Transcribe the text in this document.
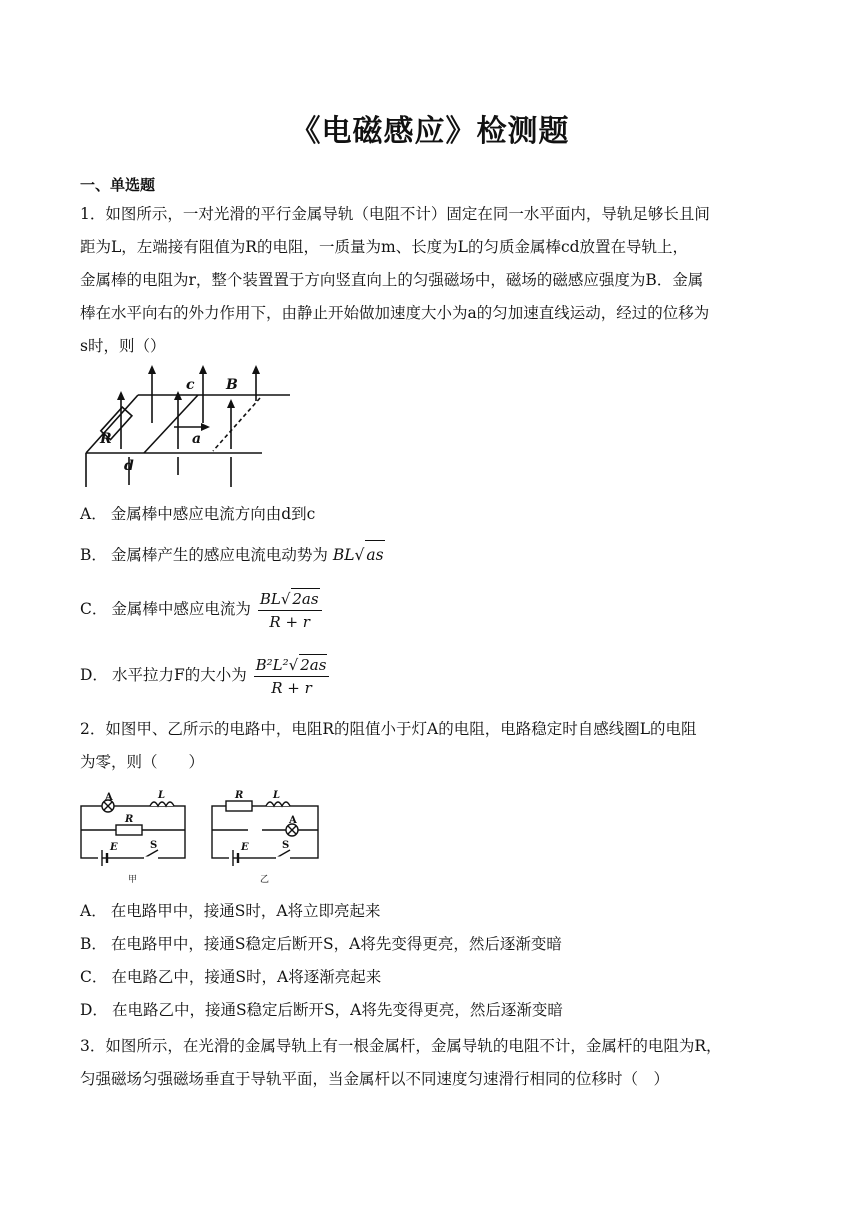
《电磁感应》检测题
一、单选题
1．如图所示，一对光滑的平行金属导轨（电阻不计）固定在同一水平面内，导轨足够长且间
距为L，左端接有阻值为R的电阻，一质量为m、长度为L的匀质金属棒cd放置在导轨上，
金属棒的电阻为r，整个装置置于方向竖直向上的匀强磁场中，磁场的磁感应强度为B．金属
棒在水平向右的外力作用下，由静止开始做加速度大小为a的匀加速直线运动，经过的位移为
s时，则（）
R
c B
d
a
A． 金属棒中感应电流方向由d到c
B． 金属棒产生的感应电流电动势为 BL√ as
C． 金属棒中感应电流为 $\frac{BL√ 2as}{R + r}$
D． 水平拉力F的大小为 $\frac{\text{B²L²√ 2as}}{R + r}$
2．如图甲、乙所示的电路中，电阻R的阻值小于灯A的电阻，电路稳定时自感线圈L的电阻
为零，则（　　）
A	L
R
E	S
R	L
A
E	S
甲	乙
A． 在电路甲中，接通S时，A将立即亮起来
B． 在电路甲中，接通S稳定后断开S，A将先变得更亮，然后逐渐变暗
C． 在电路乙中，接通S时，A将逐渐亮起来
D． 在电路乙中，接通S稳定后断开S，A将先变得更亮，然后逐渐变暗
3．如图所示，在光滑的金属导轨上有一根金属杆，金属导轨的电阻不计，金属杆的电阻为R，
匀强磁场匀强磁场垂直于导轨平面，当金属杆以不同速度匀速滑行相同的位移时（　）
